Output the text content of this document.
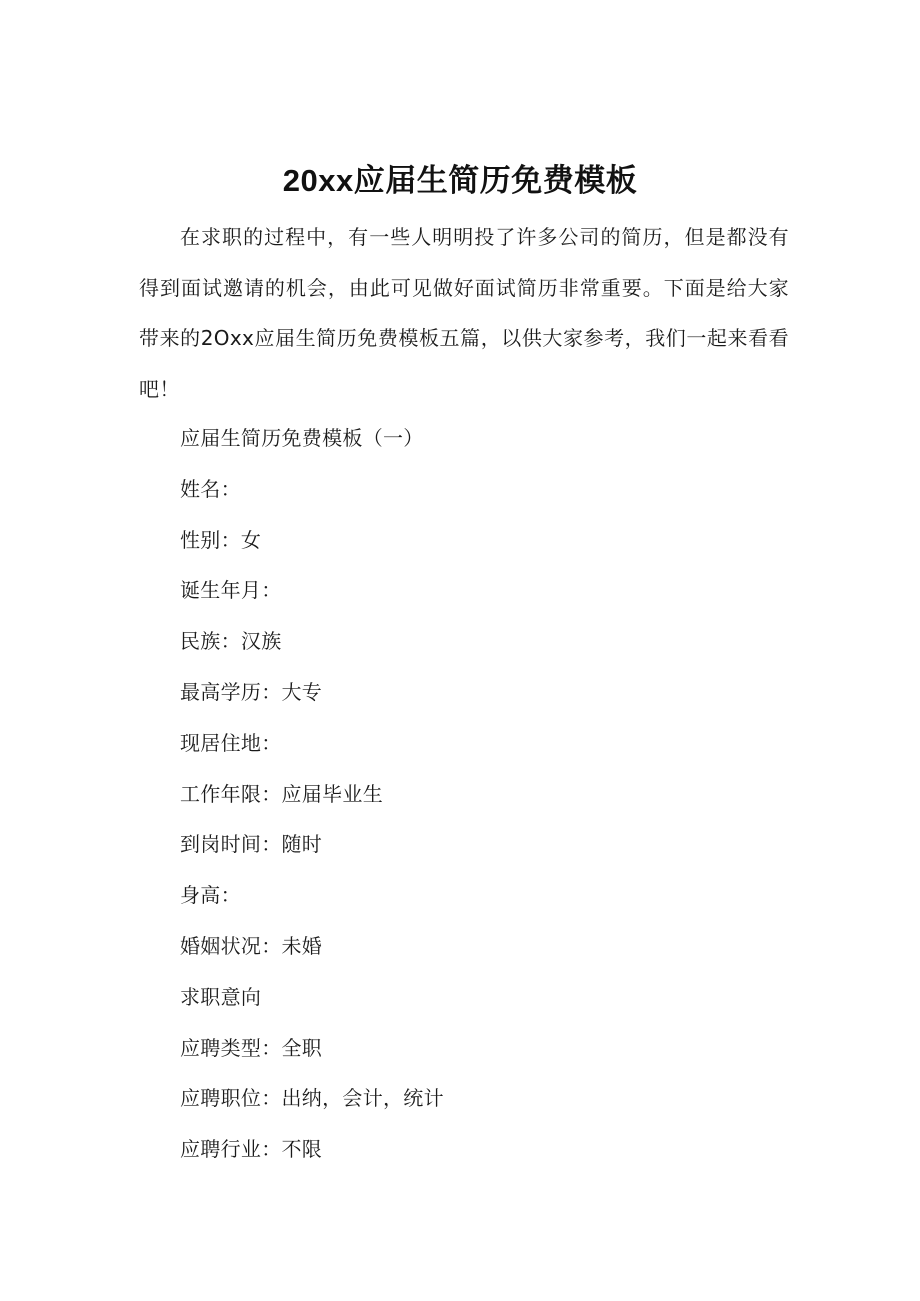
20xx应届生简历免费模板

在求职的过程中，有一些人明明投了许多公司的简历，但是都没有得到面试邀请的机会，由此可见做好面试简历非常重要。下面是给大家带来的2Oxx应届生简历免费模板五篇，以供大家参考，我们一起来看看吧！

应届生简历免费模板（一）
姓名：
性别：女
诞生年月：
民族：汉族
最高学历：大专
现居住地：
工作年限：应届毕业生
到岗时间：随时
身高：
婚姻状况：未婚
求职意向
应聘类型：全职
应聘职位：出纳，会计，统计
应聘行业：不限
